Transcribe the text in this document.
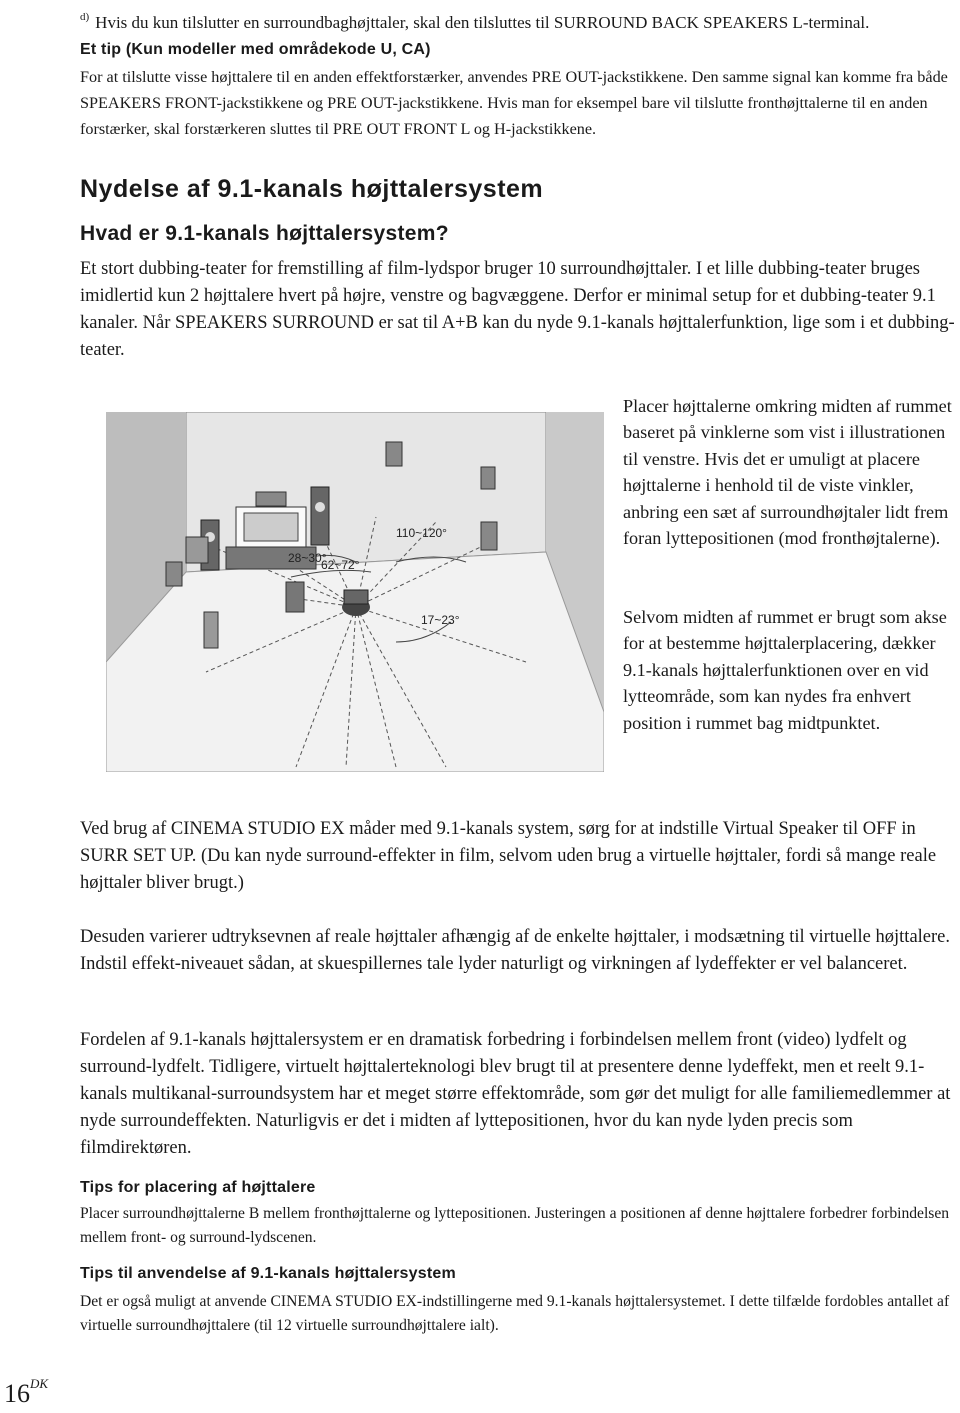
$^{d)}$ Hvis du kun tilslutter en surroundbaghøjttaler, skal den tilsluttes til SURROUND BACK SPEAKERS L-terminal.
Et tip (Kun modeller med områdekode U, CA)
For at tilslutte visse højttalere til en anden effektforstærker, anvendes PRE OUT-jackstikkene. Den samme signal kan komme fra både SPEAKERS FRONT-jackstikkene og PRE OUT-jackstikkene. Hvis man for eksempel bare vil tilslutte fronthøjttalerne til en anden forstærker, skal forstærkeren sluttes til PRE OUT FRONT L og H-jackstikkene.
Nydelse af 9.1-kanals højttalersystem
Hvad er 9.1-kanals højttalersystem?
Et stort dubbing-teater for fremstilling af film-lydspor bruger 10 surroundhøjttaler. I et lille dubbing-teater bruges imidlertid kun 2 højttalere hvert på højre, venstre og bagvæggene. Derfor er minimal setup for et dubbing-teater 9.1 kanaler. Når SPEAKERS SURROUND er sat til A+B kan du nyde 9.1-kanals højttalerfunktion, lige som i et dubbing-teater.
28~30°
62~72°
110~120°
17~23°
Placer højttalerne omkring midten af rummet baseret på vinklerne som vist i illustrationen til venstre. Hvis det er umuligt at placere højttalerne i henhold til de viste vinkler, anbring een sæt af surroundhøjtaler lidt frem foran lyttepositionen (mod fronthøjtalerne).
Selvom midten af rummet er brugt som akse for at bestemme højttalerplacering, dækker 9.1-kanals højttalerfunktionen over en vid lytteområde, som kan nydes fra enhvert position i rummet bag midtpunktet.
Ved brug af CINEMA STUDIO EX måder med 9.1-kanals system, sørg for at indstille Virtual Speaker til OFF in SURR SET UP. (Du kan nyde surround-effekter in film, selvom uden brug a virtuelle højttaler, fordi så mange reale højttaler bliver brugt.)
Desuden varierer udtryksevnen af reale højttaler afhængig af de enkelte højttaler, i modsætning til virtuelle højttalere. Indstil effekt-niveauet sådan, at skuespillernes tale lyder naturligt og virkningen af lydeffekter er vel balanceret.
Fordelen af 9.1-kanals højttalersystem er en dramatisk forbedring i forbindelsen mellem front (video) lydfelt og surround-lydfelt. Tidligere, virtuelt højttalerteknologi blev brugt til at presentere denne lydeffekt, men et reelt 9.1-kanals multikanal-surroundsystem har et meget større effektområde, som gør det muligt for alle familiemedlemmer at nyde surroundeffekten. Naturligvis er det i midten af lyttepositionen, hvor du kan nyde lyden precis som filmdirektøren.
Tips for placering af højttalere
Placer surroundhøjttalerne B mellem fronthøjttalerne og lyttepositionen. Justeringen a positionen af denne højttalere forbedrer forbindelsen mellem front- og surround-lydscenen.
Tips til anvendelse af 9.1-kanals højttalersystem
Det er også muligt at anvende CINEMA STUDIO EX-indstillingerne med 9.1-kanals højttalersystemet. I dette tilfælde fordobles antallet af virtuelle surroundhøjttalere (til 12 virtuelle surroundhøjttalere ialt).
$16^{DK}$
